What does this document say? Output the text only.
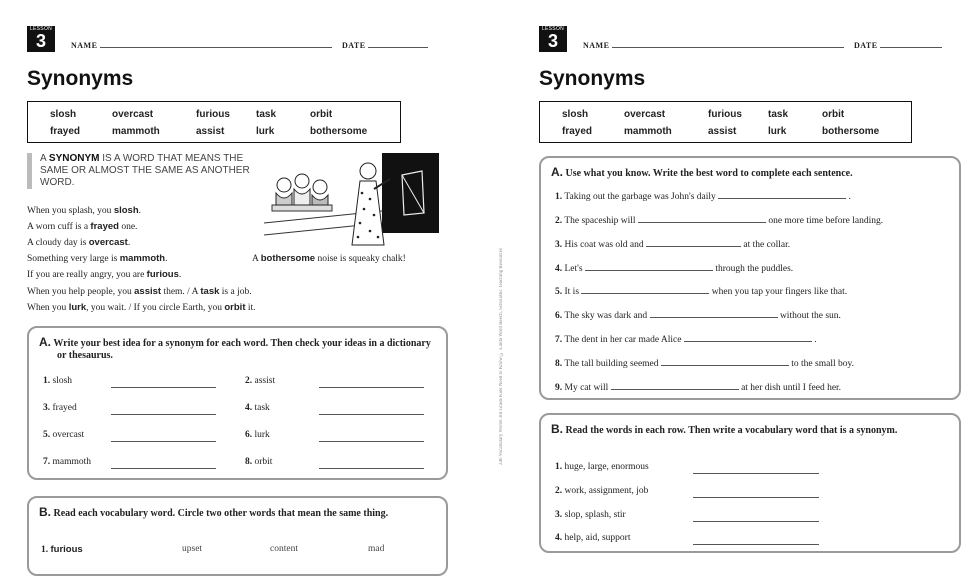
LESSON
3	NAME	DATE
Synonyms
slosh	overcast	furious	task	orbit
frayed	mammoth	assist	lurk	bothersome
A SYNONYM IS A WORD THAT MEANS THE SAME OR ALMOST THE SAME AS ANOTHER WORD.
When you splash, you slosh.
A worn cuff is a frayed one.
A cloudy day is overcast.
Something very large is mammoth.	A bothersome noise is squeaky chalk!
If you are really angry, you are furious.
When you help people, you assist them. / A task is a job.
When you lurk, you wait. / If you circle Earth, you orbit it.
A. Write your best idea for a synonym for each word. Then check your ideas in a dictionary or thesaurus.
1. slosh	2. assist
3. frayed	4. task
5. overcast	6. lurk
7. mammoth	8. orbit
B. Read each vocabulary word. Circle two other words that mean the same thing.
1. furious	upset	content	mad
240 Vocabulary Words 3rd Grade Kids Need to Know © Linda Ward Beech, Scholastic Teaching Resources
LESSON
3	NAME	DATE
Synonyms
slosh	overcast	furious	task	orbit
frayed	mammoth	assist	lurk	bothersome
A. Use what you know. Write the best word to complete each sentence.
1. Taking out the garbage was John's daily	.
2. The spaceship will	one more time before landing.
3. His coat was old and	at the collar.
4. Let's	through the puddles.
5. It is	when you tap your fingers like that.
6. The sky was dark and	without the sun.
7. The dent in her car made Alice	.
8. The tall building seemed	to the small boy.
9. My cat will	at her dish until I feed her.
B. Read the words in each row. Then write a vocabulary word that is a synonym.
1. huge, large, enormous
2. work, assignment, job
3. slop, splash, stir
4. help, aid, support
